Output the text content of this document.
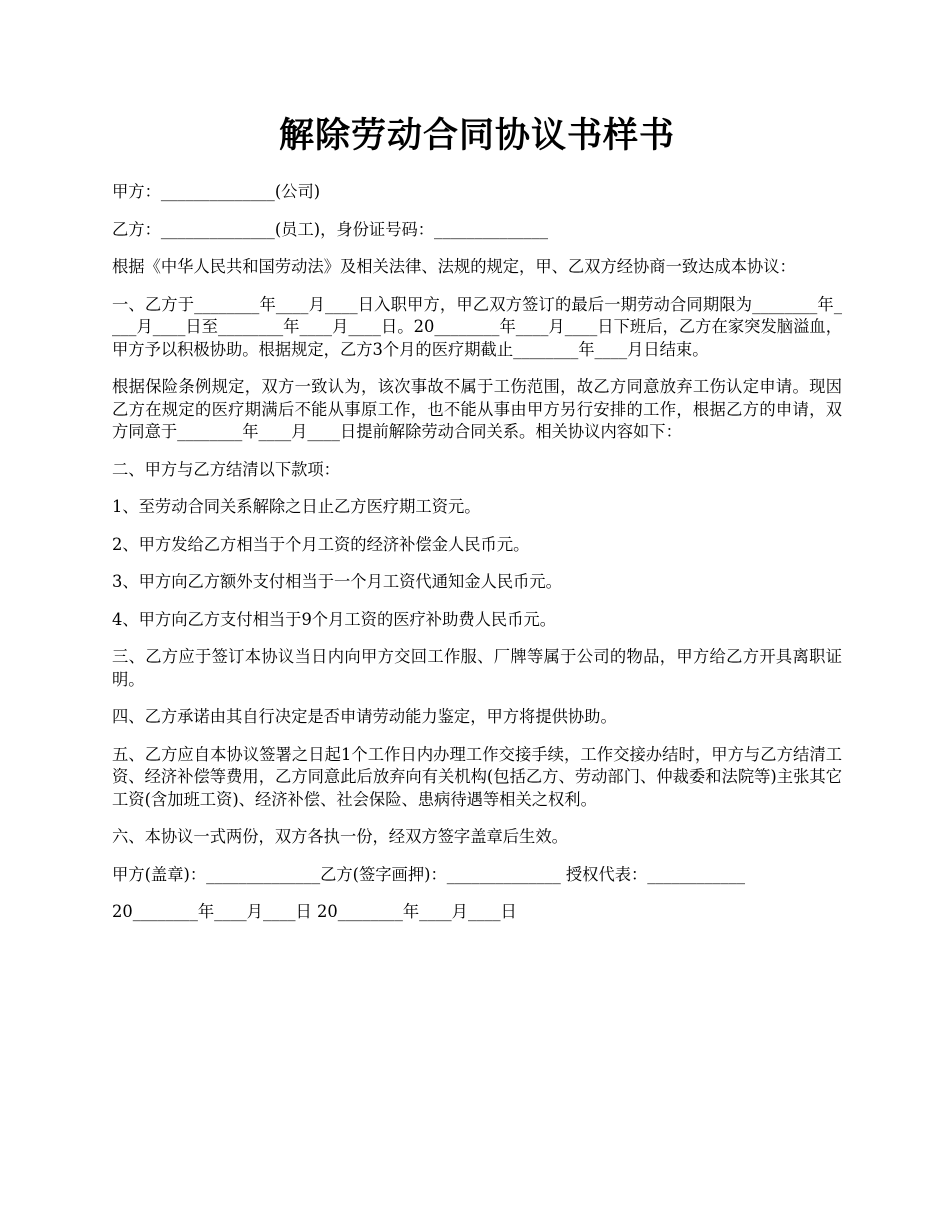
解除劳动合同协议书样书

甲方：______________(公司)

乙方：______________(员工)，身份证号码：______________

根据《中华人民共和国劳动法》及相关法律、法规的规定，甲、乙双方经协商一致达成本协议：

一、乙方于________年____月____日入职甲方，甲乙双方签订的最后一期劳动合同期限为________年____月____日至________年____月____日。20________年____月____日下班后，乙方在家突发脑溢血，甲方予以积极协助。根据规定，乙方3个月的医疗期截止________年____月日结束。

根据保险条例规定，双方一致认为，该次事故不属于工伤范围，故乙方同意放弃工伤认定申请。现因乙方在规定的医疗期满后不能从事原工作，也不能从事由甲方另行安排的工作，根据乙方的申请，双方同意于________年____月____日提前解除劳动合同关系。相关协议内容如下：

二、甲方与乙方结清以下款项：

1、至劳动合同关系解除之日止乙方医疗期工资元。

2、甲方发给乙方相当于个月工资的经济补偿金人民币元。

3、甲方向乙方额外支付相当于一个月工资代通知金人民币元。

4、甲方向乙方支付相当于9个月工资的医疗补助费人民币元。

三、乙方应于签订本协议当日内向甲方交回工作服、厂牌等属于公司的物品，甲方给乙方开具离职证明。

四、乙方承诺由其自行决定是否申请劳动能力鉴定，甲方将提供协助。

五、乙方应自本协议签署之日起1个工作日内办理工作交接手续，工作交接办结时，甲方与乙方结清工资、经济补偿等费用，乙方同意此后放弃向有关机构(包括乙方、劳动部门、仲裁委和法院等)主张其它工资(含加班工资)、经济补偿、社会保险、患病待遇等相关之权利。

六、本协议一式两份，双方各执一份，经双方签字盖章后生效。

甲方(盖章)：______________乙方(签字画押)：______________ 授权代表：____________

20________年____月____日 20________年____月____日
